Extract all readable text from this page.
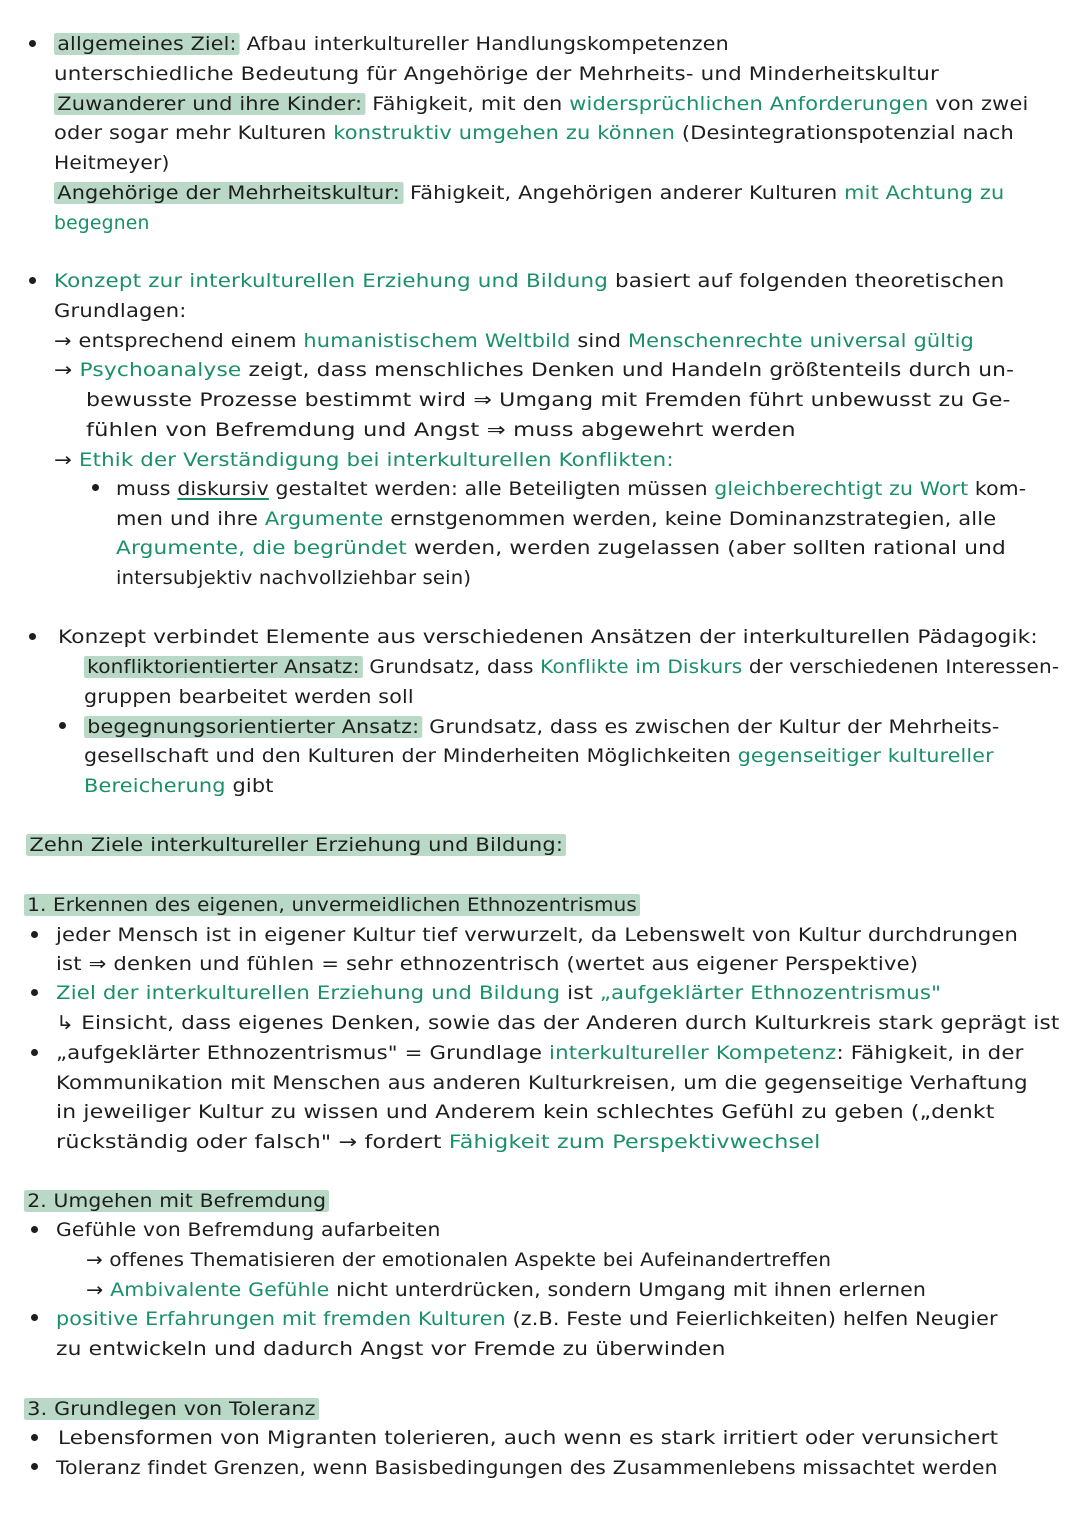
allgemeines Ziel: Afbau interkultureller Handlungskompetenzen
unterschiedliche Bedeutung für Angehörige der Mehrheits- und Minderheitskultur
Zuwanderer und ihre Kinder: Fähigkeit, mit den widersprüchlichen Anforderungen von zwei
oder sogar mehr Kulturen konstruktiv umgehen zu können (Desintegrationspotenzial nach
Heitmeyer)
Angehörige der Mehrheitskultur: Fähigkeit, Angehörigen anderer Kulturen mit Achtung zu
begegnen
Konzept zur interkulturellen Erziehung und Bildung basiert auf folgenden theoretischen
Grundlagen:
→ entsprechend einem humanistischem Weltbild sind Menschenrechte universal gültig
→ Psychoanalyse zeigt, dass menschliches Denken und Handeln größtenteils durch un-
bewusste Prozesse bestimmt wird ⇒ Umgang mit Fremden führt unbewusst zu Ge-
fühlen von Befremdung und Angst ⇒ muss abgewehrt werden
→ Ethik der Verständigung bei interkulturellen Konflikten:
muss diskursiv gestaltet werden: alle Beteiligten müssen gleichberechtigt zu Wort kom-
men und ihre Argumente ernstgenommen werden, keine Dominanzstrategien, alle
Argumente, die begründet werden, werden zugelassen (aber sollten rational und
intersubjektiv nachvollziehbar sein)
Konzept verbindet Elemente aus verschiedenen Ansätzen der interkulturellen Pädagogik:
konfliktorientierter Ansatz: Grundsatz, dass Konflikte im Diskurs der verschiedenen Interessen-
gruppen bearbeitet werden soll
begegnungsorientierter Ansatz: Grundsatz, dass es zwischen der Kultur der Mehrheits-
gesellschaft und den Kulturen der Minderheiten Möglichkeiten gegenseitiger kultureller
Bereicherung gibt
Zehn Ziele interkultureller Erziehung und Bildung:
1. Erkennen des eigenen, unvermeidlichen Ethnozentrismus
jeder Mensch ist in eigener Kultur tief verwurzelt, da Lebenswelt von Kultur durchdrungen
ist ⇒ denken und fühlen = sehr ethnozentrisch (wertet aus eigener Perspektive)
Ziel der interkulturellen Erziehung und Bildung ist „aufgeklärter Ethnozentrismus"
↳ Einsicht, dass eigenes Denken, sowie das der Anderen durch Kulturkreis stark geprägt ist
„aufgeklärter Ethnozentrismus" = Grundlage interkultureller Kompetenz: Fähigkeit, in der
Kommunikation mit Menschen aus anderen Kulturkreisen, um die gegenseitige Verhaftung
in jeweiliger Kultur zu wissen und Anderem kein schlechtes Gefühl zu geben („denkt
rückständig oder falsch" → fordert Fähigkeit zum Perspektivwechsel
2. Umgehen mit Befremdung
Gefühle von Befremdung aufarbeiten
→ offenes Thematisieren der emotionalen Aspekte bei Aufeinandertreffen
→ Ambivalente Gefühle nicht unterdrücken, sondern Umgang mit ihnen erlernen
positive Erfahrungen mit fremden Kulturen (z.B. Feste und Feierlichkeiten) helfen Neugier
zu entwickeln und dadurch Angst vor Fremde zu überwinden
3. Grundlegen von Toleranz
Lebensformen von Migranten tolerieren, auch wenn es stark irritiert oder verunsichert
Toleranz findet Grenzen, wenn Basisbedingungen des Zusammenlebens missachtet werden
